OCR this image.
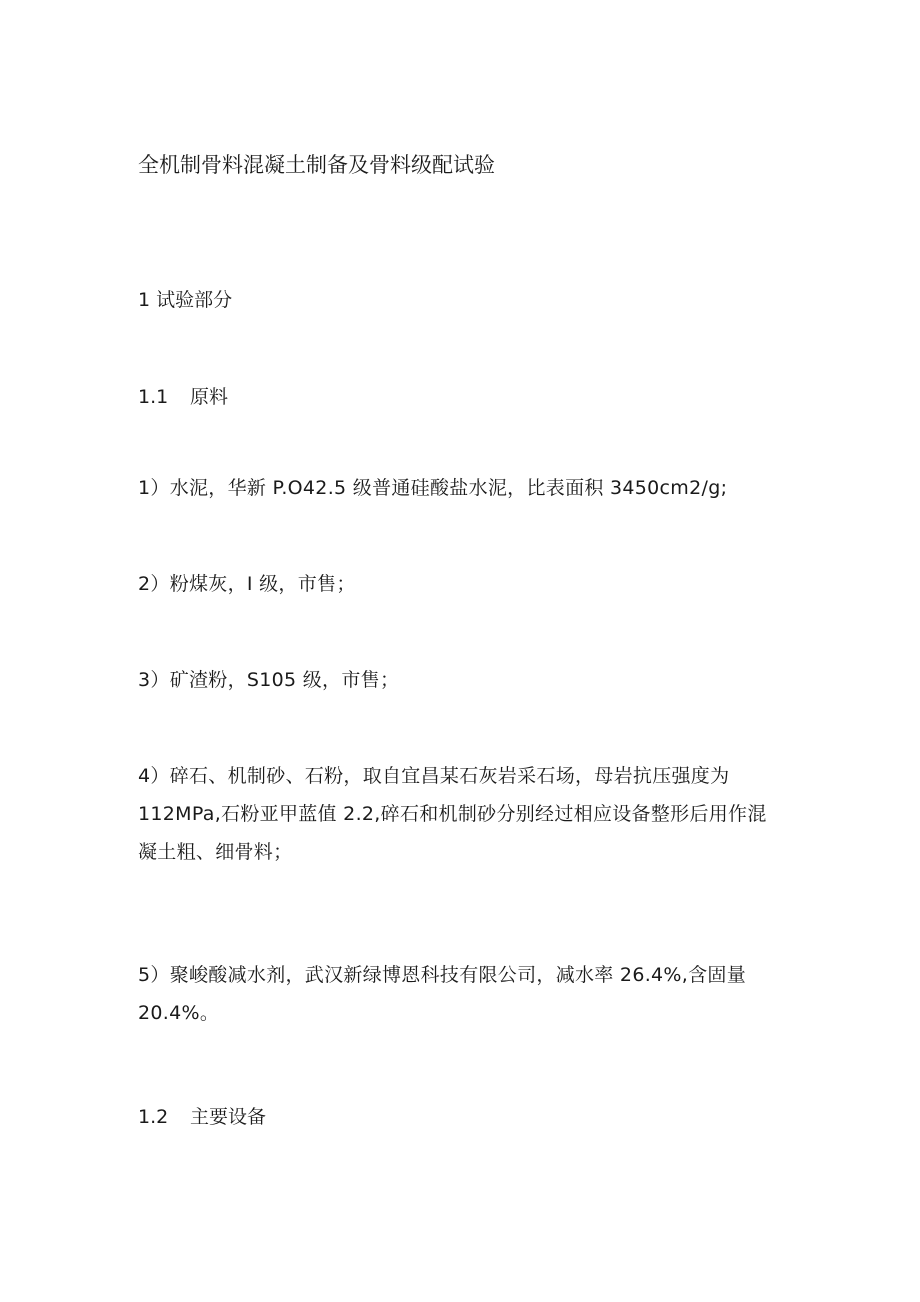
全机制骨料混凝土制备及骨料级配试验
1 试验部分
1.1 原料
1）水泥，华新 P.O42.5 级普通硅酸盐水泥，比表面积 3450cm2/g;
2）粉煤灰，I 级，市售；
3）矿渣粉，S105 级，市售；
4）碎石、机制砂、石粉，取自宜昌某石灰岩采石场，母岩抗压强度为 112MPa,石粉亚甲蓝值 2.2,碎石和机制砂分别经过相应设备整形后用作混凝土粗、细骨料；
5）聚峻酸减水剂，武汉新绿博恩科技有限公司，减水率 26.4%,含固量 20.4%。
1.2 主要设备
